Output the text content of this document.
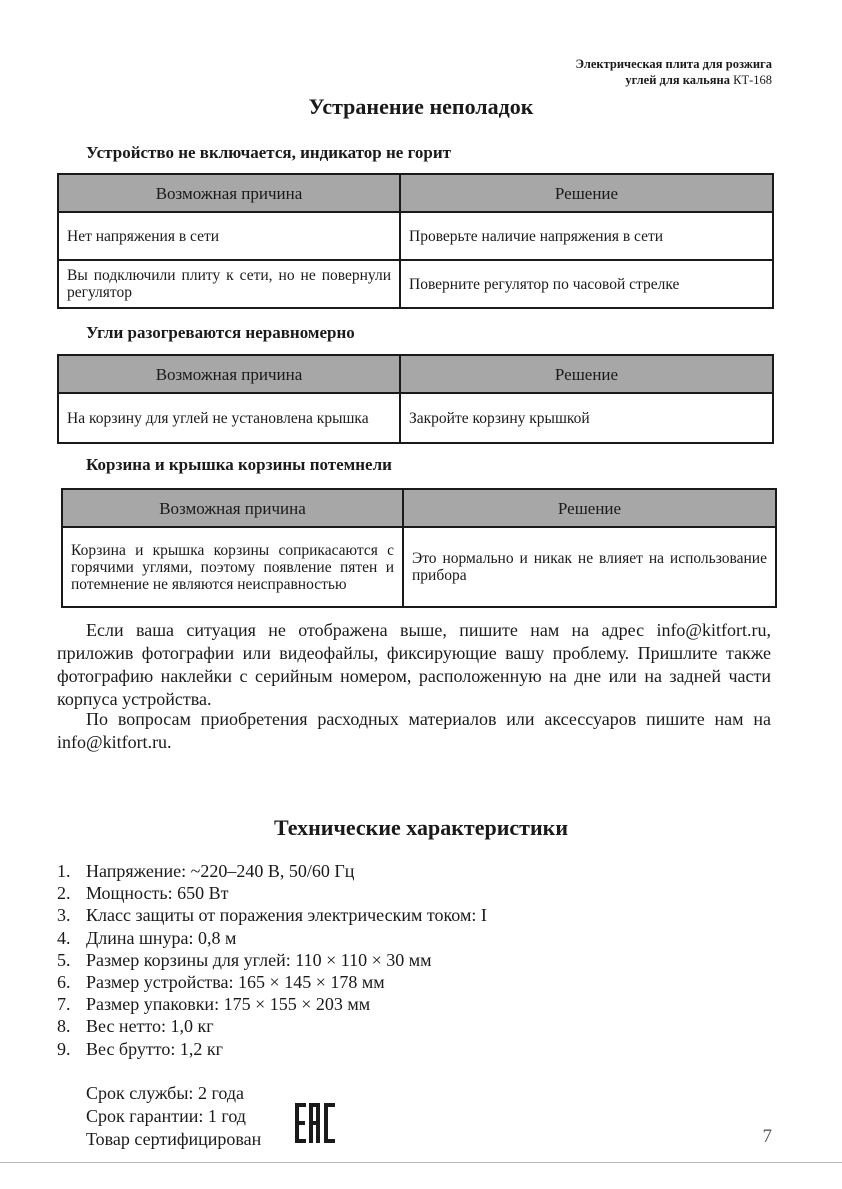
Электрическая плита для розжига
углей для кальяна КТ-168
Устранение неполадок
Устройство не включается, индикатор не горит
Возможная причина	Решение
Нет напряжения в сети	Проверьте наличие напряжения в сети
Вы подключили плиту к сети, но не повернули регулятор	Поверните регулятор по часовой стрелке
Угли разогреваются неравномерно
Возможная причина	Решение
На корзину для углей не установлена крышка	Закройте корзину крышкой
Корзина и крышка корзины потемнели
Возможная причина	Решение
Корзина и крышка корзины соприкасаются с горячими углями, поэтому появление пятен и потемнение не являются неисправностью	Это нормально и никак не влияет на использование прибора

Если ваша ситуация не отображена выше, пишите нам на адрес info@kitfort.ru, приложив фотографии или видеофайлы, фиксирующие вашу проблему. Пришлите также фотографию наклейки с серийным номером, расположенную на дне или на задней части корпуса устройства.

По вопросам приобретения расходных материалов или аксессуаров пишите нам на info@kitfort.ru.

Технические характеристики
1. Напряжение: ~220–240 В, 50/60 Гц
2. Мощность: 650 Вт
3. Класс защиты от поражения электрическим током: I
4. Длина шнура: 0,8 м
5. Размер корзины для углей: 110 × 110 × 30 мм
6. Размер устройства: 165 × 145 × 178 мм
7. Размер упаковки: 175 × 155 × 203 мм
8. Вес нетто: 1,0 кг
9. Вес брутто: 1,2 кг
Срок службы: 2 года
Срок гарантии: 1 год
Товар сертифицирован	7
